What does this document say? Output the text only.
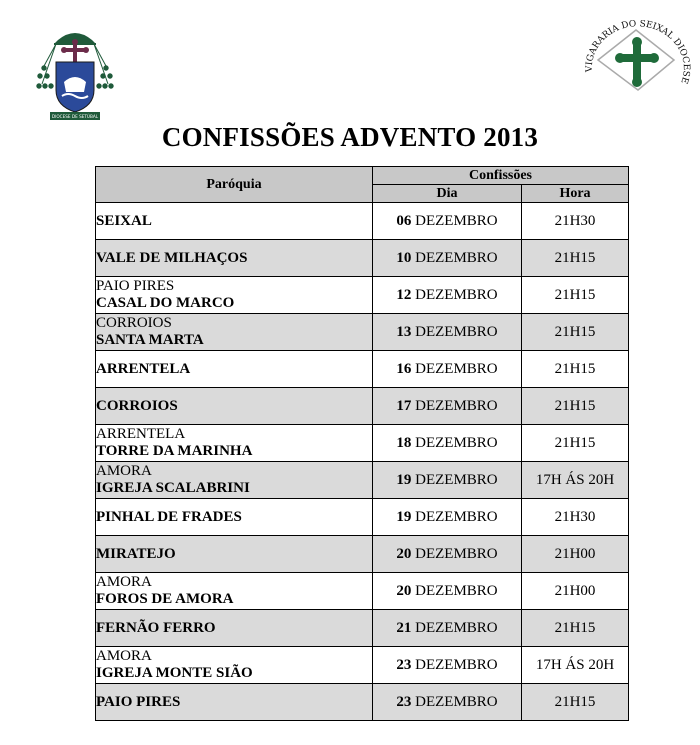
DIOCESE DE SETÚBAL
VIGARARIA DO SEIXAL DIOCESE
CONFISSÕES ADVENTO 2013
Paróquia	Confissões	
	Dia	Hora

SEIXAL	06 DEZEMBRO	21H30

VALE DE MILHAÇOS	10 DEZEMBRO	21H15

PAIO PIRES
CASAL DO MARCO	12 DEZEMBRO	21H15

CORROIOS
SANTA MARTA	13 DEZEMBRO	21H15

ARRENTELA	16 DEZEMBRO	21H15

CORROIOS	17 DEZEMBRO	21H15

ARRENTELA
TORRE DA MARINHA	18 DEZEMBRO	21H15

AMORA
IGREJA SCALABRINI	19 DEZEMBRO	17H ÁS 20H

PINHAL DE FRADES	19 DEZEMBRO	21H30

MIRATEJO	20 DEZEMBRO	21H00

AMORA
FOROS DE AMORA	20 DEZEMBRO	21H00

FERNÃO FERRO	21 DEZEMBRO	21H15

AMORA
IGREJA MONTE SIÃO	23 DEZEMBRO	17H ÁS 20H

PAIO PIRES	23 DEZEMBRO	21H15
